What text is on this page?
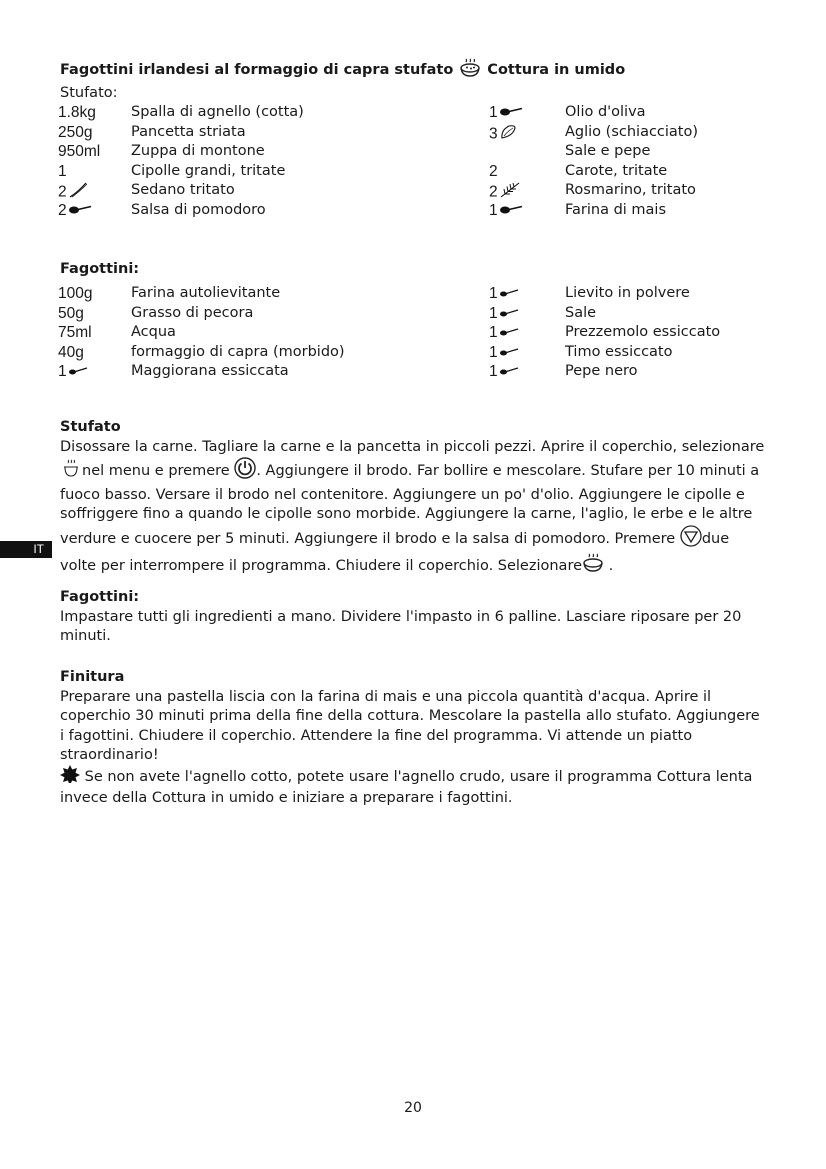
Fagottini irlandesi al formaggio di capra stufato Cottura in umido
Stufato:
1.8kg Spalla di agnello (cotta)
250g	Pancetta striata
950ml Zuppa di montone
1	Cipolle grandi, tritate
2	Sedano tritato
2	Salsa di pomodoro
1	Olio d'oliva
3	Aglio (schiacciato)
Sale e pepe
2	Carote, tritate
2	Rosmarino, tritato
1	Farina di mais
Fagottini:
100g	Farina autolievitante
50g	Grasso di pecora
75ml	Acqua
40g	formaggio di capra (morbido)
1	Maggiorana essiccata
1	Lievito in polvere
1	Sale
1	Prezzemolo essiccato
1	Timo essiccato
1	Pepe nero
Stufato
Disossare la carne. Tagliare la carne e la pancetta in piccoli pezzi. Aprire il coperchio, selezionare nel menu e premere . Aggiungere il brodo. Far bollire e mescolare. Stufare per 10 minuti a fuoco basso. Versare il brodo nel contenitore. Aggiungere un po' d'olio. Aggiungere le cipolle e soffriggere fino a quando le cipolle sono morbide. Aggiungere la carne, l'aglio, le erbe e le altre verdure e cuocere per 5 minuti. Aggiungere il brodo e la salsa di pomodoro. Premere due volte per interrompere il programma. Chiudere il coperchio. Selezionare .
IT
Fagottini:
Impastare tutti gli ingredienti a mano. Dividere l'impasto in 6 palline. Lasciare riposare per 20 minuti.
Finitura
Preparare una pastella liscia con la farina di mais e una piccola quantità d'acqua. Aprire il coperchio 30 minuti prima della fine della cottura. Mescolare la pastella allo stufato. Aggiungere i fagottini. Chiudere il coperchio. Attendere la fine del programma. Vi attende un piatto straordinario!
Se non avete l'agnello cotto, potete usare l'agnello crudo, usare il programma Cottura lenta invece della Cottura in umido e iniziare a preparare i fagottini.
20
